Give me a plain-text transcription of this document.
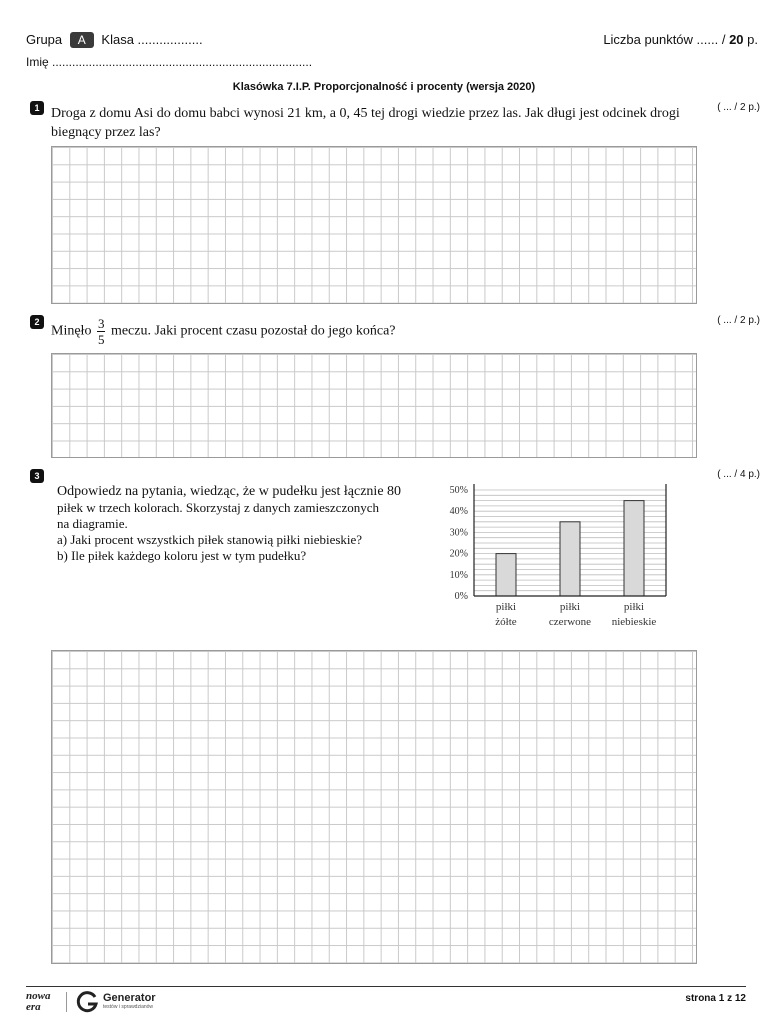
Grupa A Klasa ..................	Liczba punktów ...... / 20 p.
Imię ..............................................................................
Klasówka 7.I.P. Proporcjonalność i procenty (wersja 2020)
1 Droga z domu Asi do domu babci wynosi 21 km, a 0, 45 tej drogi wiedzie przez las. Jak długi jest odcinek drogi biegnący przez las?
( ... / 2 p.)
2
Minęło $\frac{3}{5}$ meczu. Jaki procent czasu pozostał do jego końca?
( ... / 2 p.)
3
Odpowiedz na pytania, wiedząc, że w pudełku jest łącznie 80
piłek w trzech kolorach. Skorzystaj z danych zamieszczonych
na diagramie.
a) Jaki procent wszystkich piłek stanowią piłki niebieskie?
b) Ile piłek każdego koloru jest w tym pudełku?
( ... / 4 p.)
0%
10%
20%
30%
40%
50%
piłki
żółte
piłki
czerwone
piłki
niebieskie
nowa
era
Generator
testów i sprawdzianów
strona 1 z 12
